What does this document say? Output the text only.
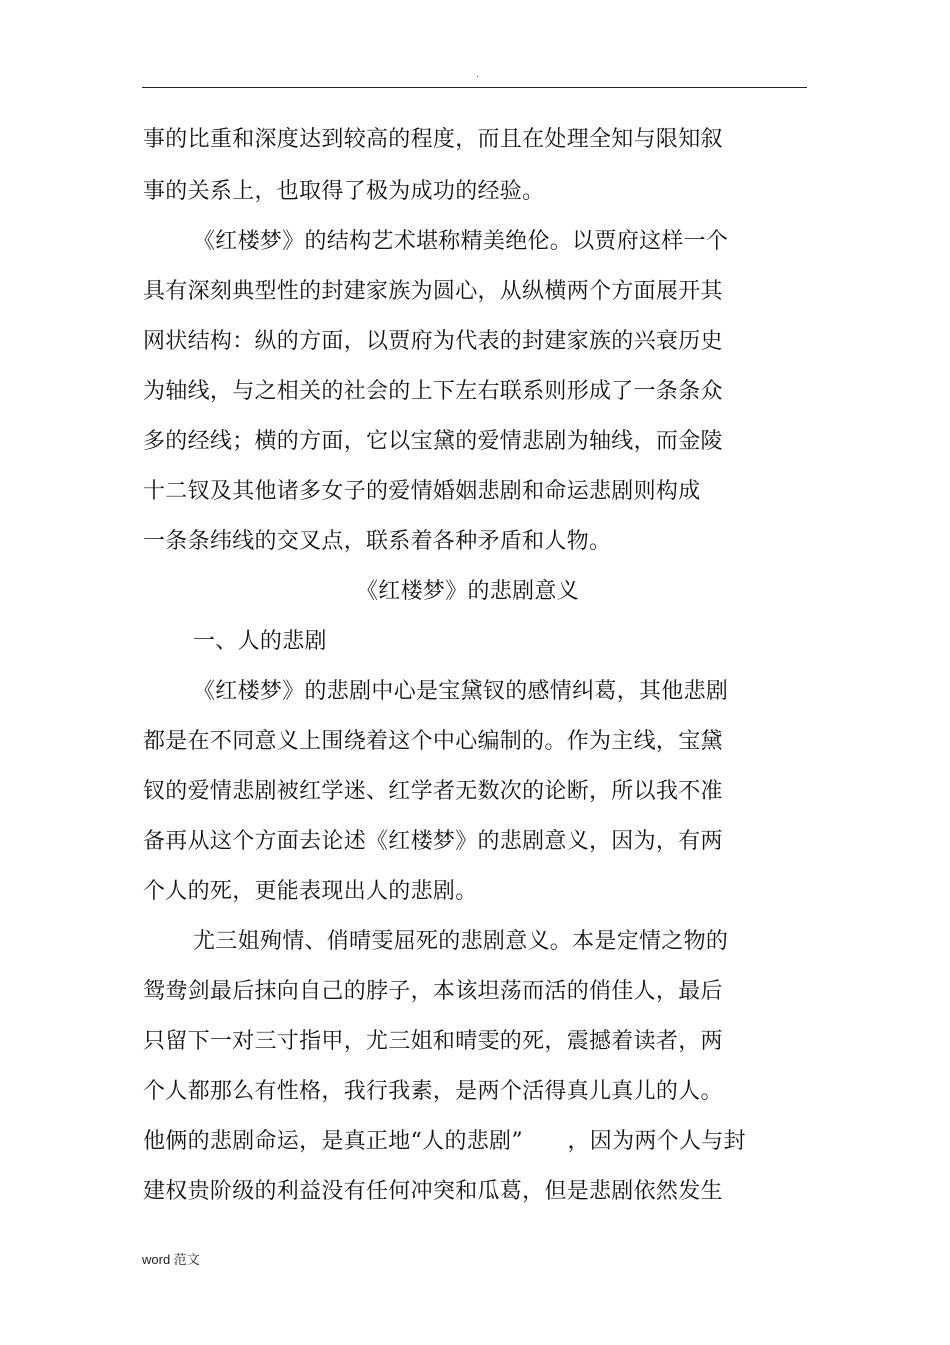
.
事的比重和深度达到较高的程度，而且在处理全知与限知叙
事的关系上，也取得了极为成功的经验。
《红楼梦》的结构艺术堪称精美绝伦。以贾府这样一个
具有深刻典型性的封建家族为圆心，从纵横两个方面展开其
网状结构：纵的方面，以贾府为代表的封建家族的兴衰历史
为轴线，与之相关的社会的上下左右联系则形成了一条条众
多的经线；横的方面，它以宝黛的爱情悲剧为轴线，而金陵
十二钗及其他诸多女子的爱情婚姻悲剧和命运悲剧则构成
一条条纬线的交叉点，联系着各种矛盾和人物。
《红楼梦》的悲剧意义
一、人的悲剧
《红楼梦》的悲剧中心是宝黛钗的感情纠葛，其他悲剧
都是在不同意义上围绕着这个中心编制的。作为主线，宝黛
钗的爱情悲剧被红学迷、红学者无数次的论断，所以我不准
备再从这个方面去论述《红楼梦》的悲剧意义，因为，有两
个人的死，更能表现出人的悲剧。
尤三姐殉情、俏晴雯屈死的悲剧意义。本是定情之物的
鸳鸯剑最后抹向自己的脖子，本该坦荡而活的俏佳人，最后
只留下一对三寸指甲，尤三姐和晴雯的死，震撼着读者，两
个人都那么有性格，我行我素，是两个活得真儿真儿的人。
他俩的悲剧命运，是真正地“人的悲剧”　　，因为两个人与封
建权贵阶级的利益没有任何冲突和瓜葛，但是悲剧依然发生
word 范文
